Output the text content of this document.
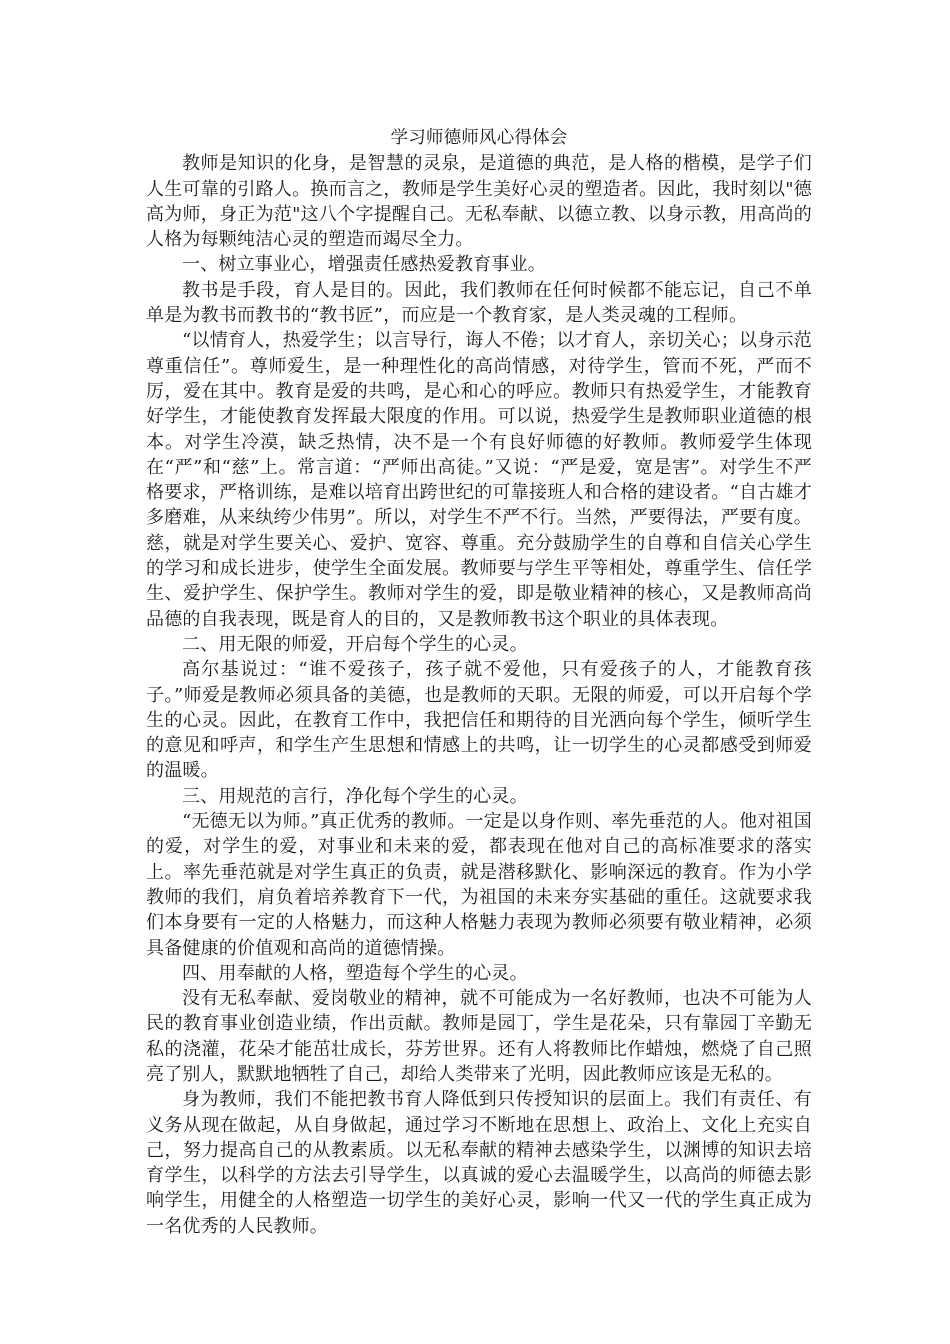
学习师德师风心得体会

教师是知识的化身，是智慧的灵泉，是道德的典范，是人格的楷模，是学子们人生可靠的引路人。换而言之，教师是学生美好心灵的塑造者。因此，我时刻以"德高为师，身正为范"这八个字提醒自己。无私奉献、以德立教、以身示教，用高尚的人格为每颗纯洁心灵的塑造而竭尽全力。

一、树立事业心，增强责任感热爱教育事业。

教书是手段，育人是目的。因此，我们教师在任何时候都不能忘记，自己不单单是为教书而教书的“教书匠”，而应是一个教育家，是人类灵魂的工程师。

“以情育人，热爱学生；以言导行，诲人不倦；以才育人，亲切关心；以身示范尊重信任”。尊师爱生，是一种理性化的高尚情感，对待学生，管而不死，严而不厉，爱在其中。教育是爱的共鸣，是心和心的呼应。教师只有热爱学生，才能教育好学生，才能使教育发挥最大限度的作用。可以说，热爱学生是教师职业道德的根本。对学生冷漠，缺乏热情，决不是一个有良好师德的好教师。教师爱学生体现在“严”和“慈”上。常言道：“严师出高徒。”又说：“严是爱，宽是害”。对学生不严格要求，严格训练，是难以培育出跨世纪的可靠接班人和合格的建设者。“自古雄才多磨难，从来纨绔少伟男”。所以，对学生不严不行。当然，严要得法，严要有度。慈，就是对学生要关心、爱护、宽容、尊重。充分鼓励学生的自尊和自信关心学生的学习和成长进步，使学生全面发展。教师要与学生平等相处，尊重学生、信任学生、爱护学生、保护学生。教师对学生的爱，即是敬业精神的核心，又是教师高尚品德的自我表现，既是育人的目的，又是教师教书这个职业的具体表现。

二、用无限的师爱，开启每个学生的心灵。

高尔基说过：“谁不爱孩子，孩子就不爱他，只有爱孩子的人，才能教育孩子。”师爱是教师必须具备的美德，也是教师的天职。无限的师爱，可以开启每个学生的心灵。因此，在教育工作中，我把信任和期待的目光洒向每个学生，倾听学生的意见和呼声，和学生产生思想和情感上的共鸣，让一切学生的心灵都感受到师爱的温暖。

三、用规范的言行，净化每个学生的心灵。

“无德无以为师。”真正优秀的教师。一定是以身作则、率先垂范的人。他对祖国的爱，对学生的爱，对事业和未来的爱，都表现在他对自己的高标准要求的落实上。率先垂范就是对学生真正的负责，就是潜移默化、影响深远的教育。作为小学教师的我们，肩负着培养教育下一代，为祖国的未来夯实基础的重任。这就要求我们本身要有一定的人格魅力，而这种人格魅力表现为教师必须要有敬业精神，必须具备健康的价值观和高尚的道德情操。

四、用奉献的人格，塑造每个学生的心灵。

没有无私奉献、爱岗敬业的精神，就不可能成为一名好教师，也决不可能为人民的教育事业创造业绩，作出贡献。教师是园丁，学生是花朵，只有靠园丁辛勤无私的浇灌，花朵才能茁壮成长，芬芳世界。还有人将教师比作蜡烛，燃烧了自己照亮了别人，默默地牺牲了自己，却给人类带来了光明，因此教师应该是无私的。

身为教师，我们不能把教书育人降低到只传授知识的层面上。我们有责任、有义务从现在做起，从自身做起，通过学习不断地在思想上、政治上、文化上充实自己，努力提高自己的从教素质。以无私奉献的精神去感染学生，以渊博的知识去培育学生，以科学的方法去引导学生，以真诚的爱心去温暖学生，以高尚的师德去影响学生，用健全的人格塑造一切学生的美好心灵，影响一代又一代的学生真正成为一名优秀的人民教师。
